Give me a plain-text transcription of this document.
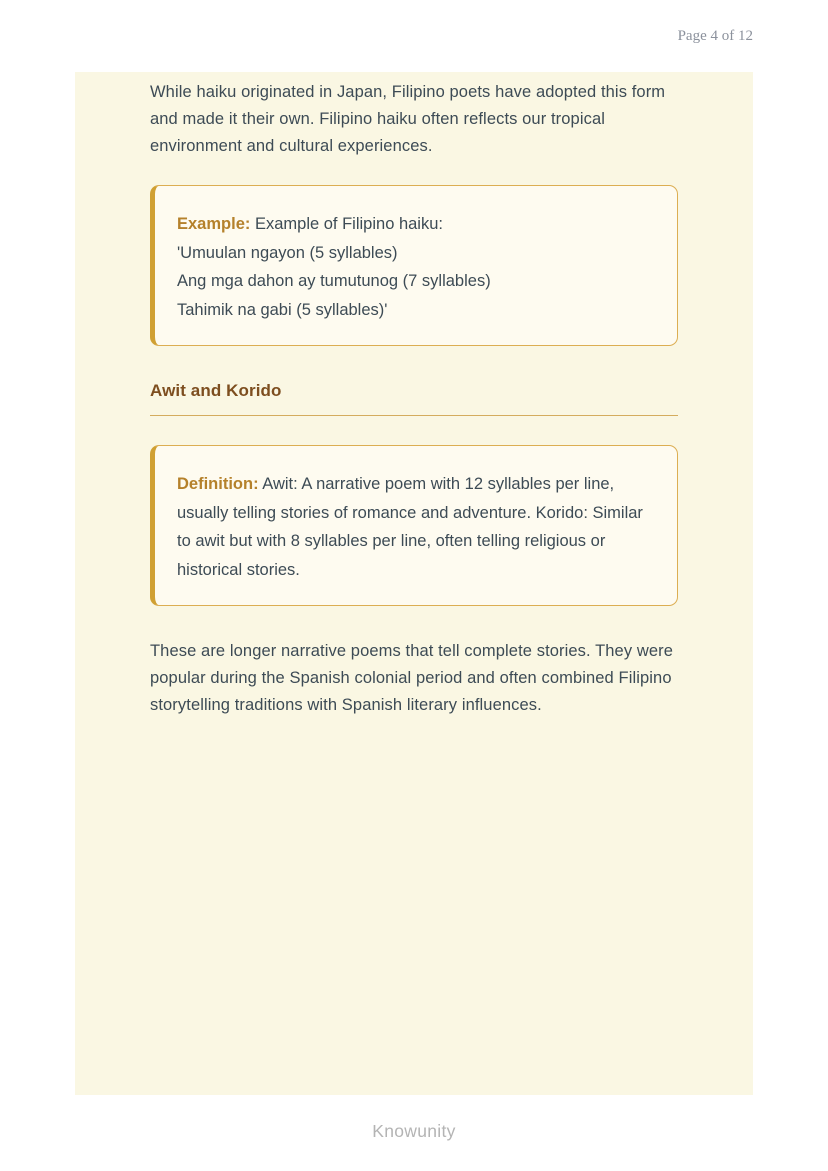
Page 4 of 12

While haiku originated in Japan, Filipino poets have adopted this form and made it their own. Filipino haiku often reflects our tropical environment and cultural experiences.

Example: Example of Filipino haiku:
'Umuulan ngayon (5 syllables)
Ang mga dahon ay tumutunog (7 syllables)
Tahimik na gabi (5 syllables)'
Awit and Korido
Definition: Awit: A narrative poem with 12 syllables per line, usually telling stories of romance and adventure. Korido: Similar to awit but with 8 syllables per line, often telling religious or historical stories.

These are longer narrative poems that tell complete stories. They were popular during the Spanish colonial period and often combined Filipino storytelling traditions with Spanish literary influences.

Knowunity
